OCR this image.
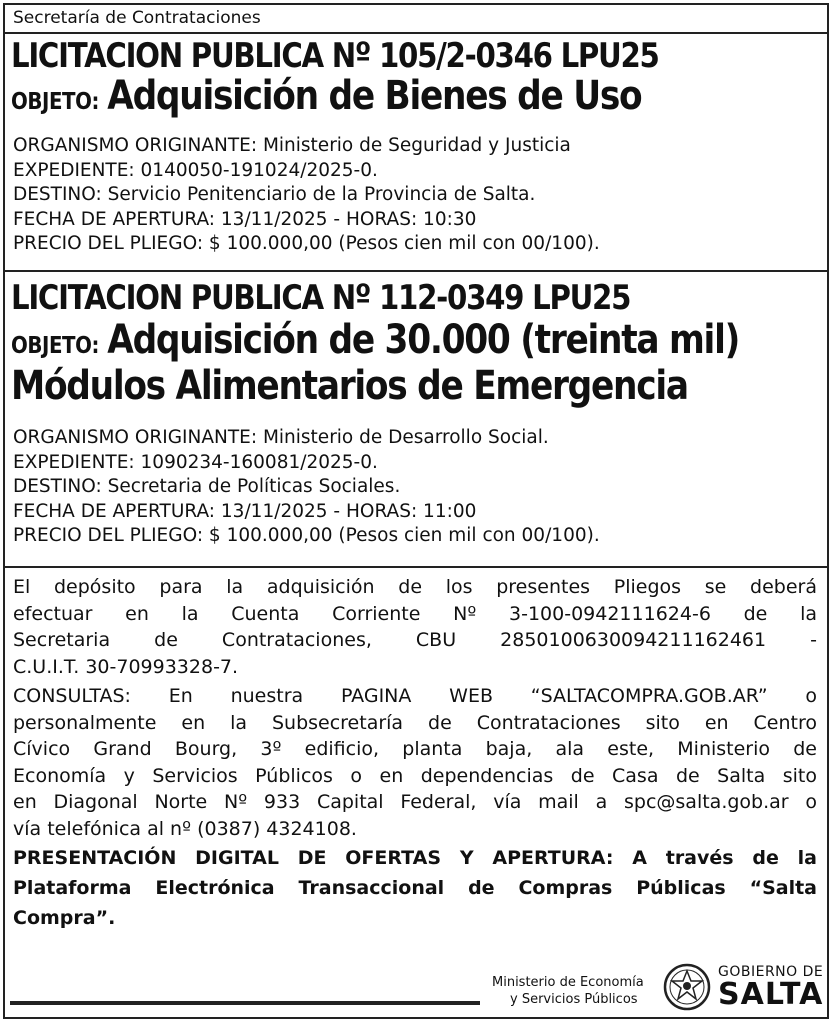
Secretaría de Contrataciones
LICITACION PUBLICA Nº 105/2-0346 LPU25
OBJETO: Adquisición de Bienes de Uso
ORGANISMO ORIGINANTE: Ministerio de Seguridad y Justicia
EXPEDIENTE: 0140050-191024/2025-0.
DESTINO: Servicio Penitenciario de la Provincia de Salta.
FECHA DE APERTURA: 13/11/2025 - HORAS: 10:30
PRECIO DEL PLIEGO: $ 100.000,00 (Pesos cien mil con 00/100).
LICITACION PUBLICA Nº 112-0349 LPU25
OBJETO: Adquisición de 30.000 (treinta mil)
Módulos Alimentarios de Emergencia
ORGANISMO ORIGINANTE: Ministerio de Desarrollo Social.
EXPEDIENTE: 1090234-160081/2025-0.
DESTINO: Secretaria de Políticas Sociales.
FECHA DE APERTURA: 13/11/2025 - HORAS: 11:00
PRECIO DEL PLIEGO: $ 100.000,00 (Pesos cien mil con 00/100).
El depósito para la adquisición de los presentes Pliegos se deberá
efectuar en la Cuenta Corriente Nº 3-100-0942111624-6 de la
Secretaria de Contrataciones, CBU 2850100630094211162461 -
C.U.I.T. 30-70993328-7.
CONSULTAS: En nuestra PAGINA WEB “SALTACOMPRA.GOB.AR” o
personalmente en la Subsecretaría de Contrataciones sito en Centro
Cívico Grand Bourg, 3º edificio, planta baja, ala este, Ministerio de
Economía y Servicios Públicos o en dependencias de Casa de Salta sito
en Diagonal Norte Nº 933 Capital Federal, vía mail a spc@salta.gob.ar o
vía telefónica al nº (0387) 4324108.
PRESENTACIÓN DIGITAL DE OFERTAS Y APERTURA: A través de la
Plataforma Electrónica Transaccional de Compras Públicas “Salta
Compra”.
Ministerio de Economía
y Servicios Públicos
GOBIERNO DE
SALTA
